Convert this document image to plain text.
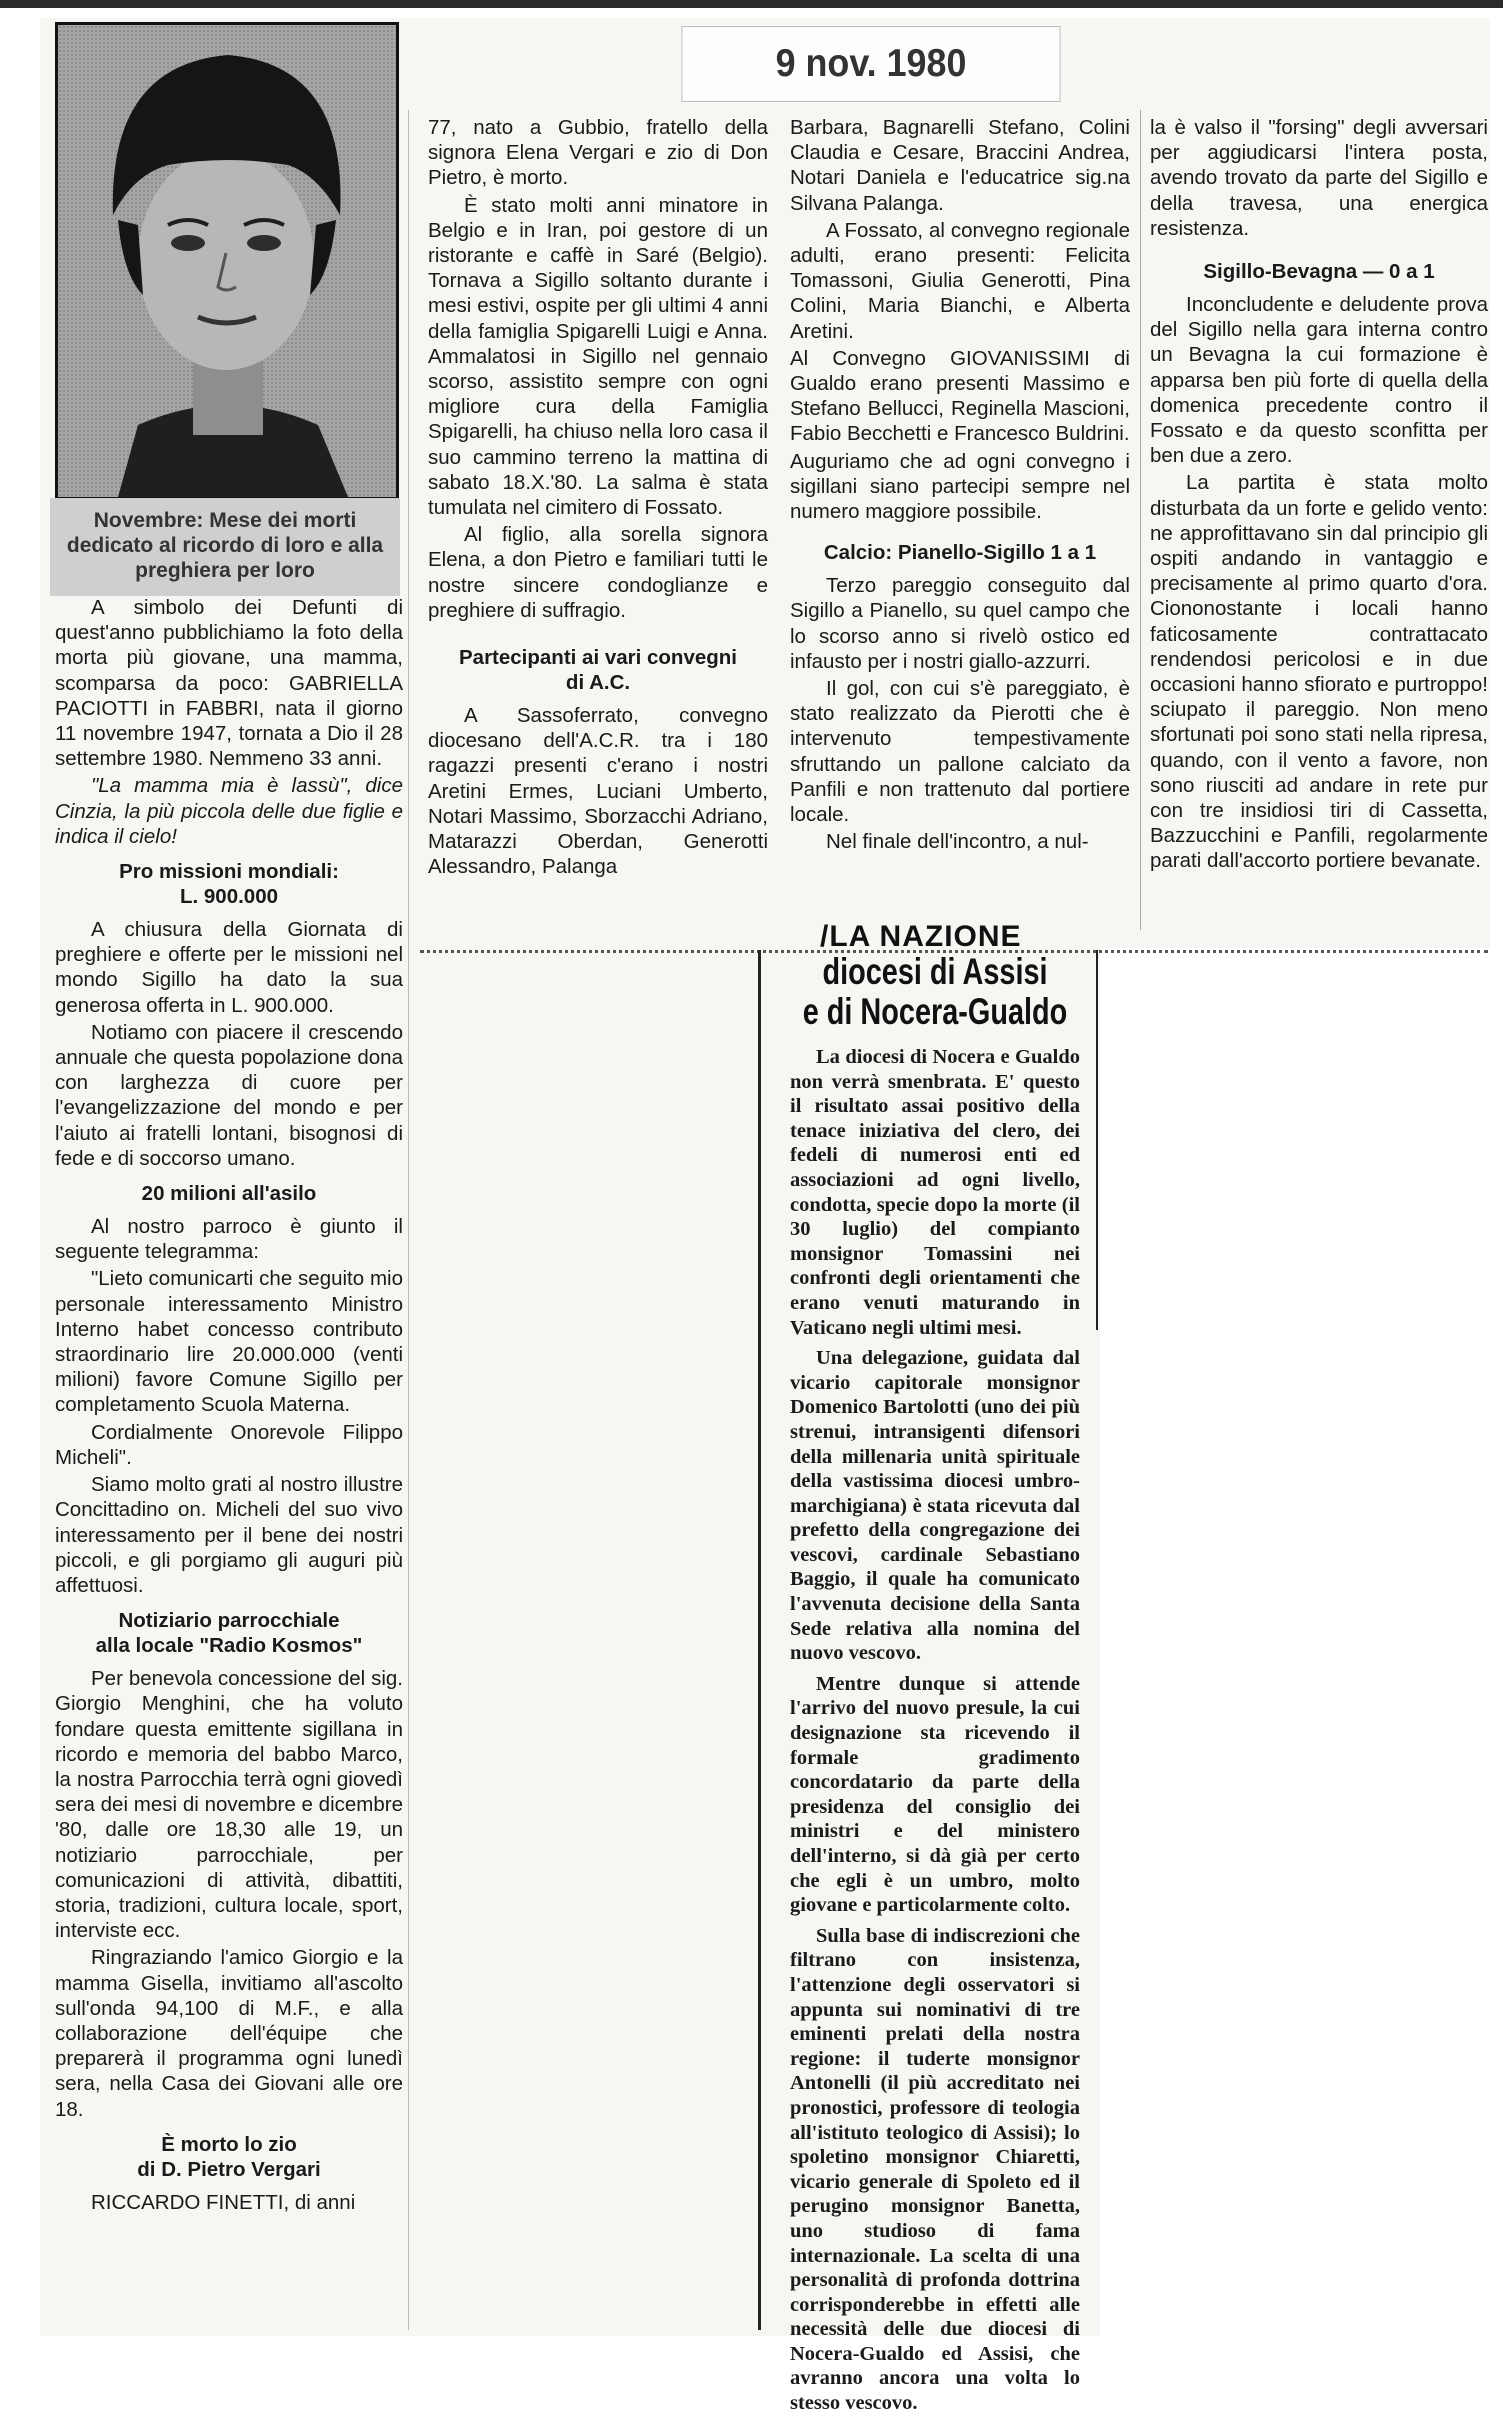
Novembre: Mese dei morti dedicato al ricordo di loro e alla preghiera per loro
9 nov. 1980

A simbolo dei Defunti di quest'anno pubblichiamo la foto della morta più giovane, una mamma, scomparsa da poco: GABRIELLA PACIOTTI in FABBRI, nata il giorno 11 novembre 1947, tornata a Dio il 28 settembre 1980. Nemmeno 33 anni.

"La mamma mia è lassù", dice Cinzia, la più piccola delle due figlie e indica il cielo!

Pro missioni mondiali:
L. 900.000

A chiusura della Giornata di preghiere e offerte per le missioni nel mondo Sigillo ha dato la sua generosa offerta in L. 900.000.

Notiamo con piacere il crescendo annuale che questa popolazione dona con larghezza di cuore per l'evangelizzazione del mondo e per l'aiuto ai fratelli lontani, bisognosi di fede e di soccorso umano.

20 milioni all'asilo

Al nostro parroco è giunto il seguente telegramma:

"Lieto comunicarti che seguito mio personale interessamento Ministro Interno habet concesso contributo straordinario lire 20.000.000 (venti milioni) favore Comune Sigillo per completamento Scuola Materna.

Cordialmente Onorevole Filippo Micheli".

Siamo molto grati al nostro illustre Concittadino on. Micheli del suo vivo interessamento per il bene dei nostri piccoli, e gli porgiamo gli auguri più affettuosi.

Notiziario parrocchiale
alla locale "Radio Kosmos"

Per benevola concessione del sig. Giorgio Menghini, che ha voluto fondare questa emittente sigillana in ricordo e memoria del babbo Marco, la nostra Parrocchia terrà ogni giovedì sera dei mesi di novembre e dicembre '80, dalle ore 18,30 alle 19, un notiziario parrocchiale, per comunicazioni di attività, dibattiti, storia, tradizioni, cultura locale, sport, interviste ecc.

Ringraziando l'amico Giorgio e la mamma Gisella, invitiamo all'ascolto sull'onda 94,100 di M.F., e alla collaborazione dell'équipe che preparerà il programma ogni lunedì sera, nella Casa dei Giovani alle ore 18.

È morto lo zio
di D. Pietro Vergari

RICCARDO FINETTI, di anni

77, nato a Gubbio, fratello della signora Elena Vergari e zio di Don Pietro, è morto.

È stato molti anni minatore in Belgio e in Iran, poi gestore di un ristorante e caffè in Saré (Belgio). Tornava a Sigillo soltanto durante i mesi estivi, ospite per gli ultimi 4 anni della famiglia Spigarelli Luigi e Anna. Ammalatosi in Sigillo nel gennaio scorso, assistito sempre con ogni migliore cura della Famiglia Spigarelli, ha chiuso nella loro casa il suo cammino terreno la mattina di sabato 18.X.'80. La salma è stata tumulata nel cimitero di Fossato.

Al figlio, alla sorella signora Elena, a don Pietro e familiari tutti le nostre sincere condoglianze e preghiere di suffragio.

Partecipanti ai vari convegni
di A.C.

A Sassoferrato, convegno diocesano dell'A.C.R. tra i 180 ragazzi presenti c'erano i nostri Aretini Ermes, Luciani Umberto, Notari Massimo, Sborzacchi Adriano, Matarazzi Oberdan, Generotti Alessandro, Palanga

Barbara, Bagnarelli Stefano, Colini Claudia e Cesare, Braccini Andrea, Notari Daniela e l'educatrice sig.na Silvana Palanga.

A Fossato, al convegno regionale adulti, erano presenti: Felicita Tomassoni, Giulia Generotti, Pina Colini, Maria Bianchi, e Alberta Aretini.

Al Convegno GIOVANISSIMI di Gualdo erano presenti Massimo e Stefano Bellucci, Reginella Mascioni, Fabio Becchetti e Francesco Buldrini.

Auguriamo che ad ogni convegno i sigillani siano partecipi sempre nel numero maggiore possibile.

Calcio: Pianello-Sigillo 1 a 1

Terzo pareggio conseguito dal Sigillo a Pianello, su quel campo che lo scorso anno si rivelò ostico ed infausto per i nostri giallo-azzurri.

Il gol, con cui s'è pareggiato, è stato realizzato da Pierotti che è intervenuto tempestivamente sfruttando un pallone calciato da Panfili e non trattenuto dal portiere locale.

Nel finale dell'incontro, a nul-

la è valso il "forsing" degli avversari per aggiudicarsi l'intera posta, avendo trovato da parte del Sigillo e della travesa, una energica resistenza.

Sigillo-Bevagna — 0 a 1

Inconcludente e deludente prova del Sigillo nella gara interna contro un Bevagna la cui formazione è apparsa ben più forte di quella della domenica precedente contro il Fossato e da questo sconfitta per ben due a zero.

La partita è stata molto disturbata da un forte e gelido vento: ne approfittavano sin dal principio gli ospiti andando in vantaggio e precisamente al primo quarto d'ora. Ciononostante i locali hanno faticosamente contrattacato rendendosi pericolosi e in due occasioni hanno sfiorato e purtroppo! sciupato il pareggio. Non meno sfortunati poi sono stati nella ripresa, quando, con il vento a favore, non sono riusciti ad andare in rete pur con tre insidiosi tiri di Cassetta, Bazzucchini e Panfili, regolarmente parati dall'accorto portiere bevanate.

/LA NAZIONE
diocesi di Assisi
e di Nocera-Gualdo

La diocesi di Nocera e Gualdo non verrà smenbrata. E' questo il risultato assai positivo della tenace iniziativa del clero, dei fedeli di numerosi enti ed associazioni ad ogni livello, condotta, specie dopo la morte (il 30 luglio) del compianto monsignor Tomassini nei confronti degli orientamenti che erano venuti maturando in Vaticano negli ultimi mesi.

Una delegazione, guidata dal vicario capitorale monsignor Domenico Bartolotti (uno dei più strenui, intransigenti difensori della millenaria unità spirituale della vastissima diocesi umbro-marchigiana) è stata ricevuta dal prefetto della congregazione dei vescovi, cardinale Sebastiano Baggio, il quale ha comunicato l'avvenuta decisione della Santa Sede relativa alla nomina del nuovo vescovo.

Mentre dunque si attende l'arrivo del nuovo presule, la cui designazione sta ricevendo il formale gradimento concordatario da parte della presidenza del consiglio dei ministri e del ministero dell'interno, si dà già per certo che egli è un umbro, molto giovane e particolarmente colto.

Sulla base di indiscrezioni che filtrano con insistenza, l'attenzione degli osservatori si appunta sui nominativi di tre eminenti prelati della nostra regione: il tuderte monsignor Antonelli (il più accreditato nei pronostici, professore di teologia all'istituto teologico di Assisi); lo spoletino monsignor Chiaretti, vicario generale di Spoleto ed il perugino monsignor Banetta, uno studioso di fama internazionale. La scelta di una personalità di profonda dottrina corrisponderebbe in effetti alle necessità delle due diocesi di Nocera-Gualdo ed Assisi, che avranno ancora una volta lo stesso vescovo.
